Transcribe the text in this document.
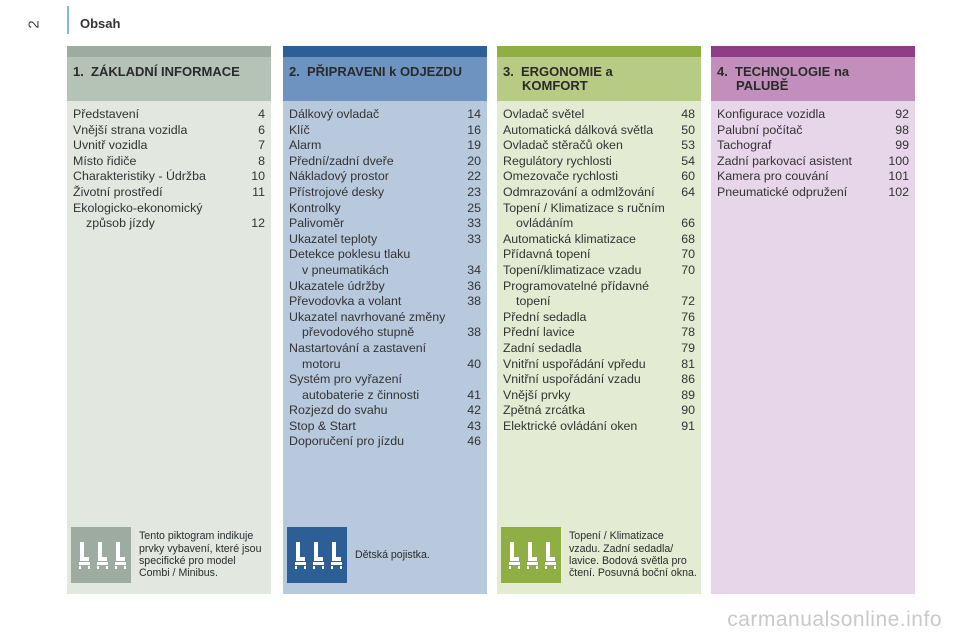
2	Obsah
1. ZÁKLADNÍ INFORMACE
Představení	4
Vnější strana vozidla	6
Uvnitř vozidla	7
Místo řidiče	8
Charakteristiky - Údržba	10
Životní prostředí	11
Ekologicko-ekonomický
způsob jízdy	12
Tento piktogram indikuje prvky vybavení, které jsou specifické pro model Combi / Minibus.
2. PŘIPRAVENI k ODJEZDU
Dálkový ovladač	14
Klíč	16
Alarm	19
Přední/zadní dveře	20
Nákladový prostor	22
Přístrojové desky	23
Kontrolky	25
Palivoměr	33
Ukazatel teploty	33
Detekce poklesu tlaku
v pneumatikách	34
Ukazatele údržby	36
Převodovka a volant	38
Ukazatel navrhované změny
převodového stupně	38
Nastartování a zastavení
motoru	40
Systém pro vyřazení
autobaterie z činnosti	41
Rozjezd do svahu	42
Stop & Start	43
Doporučení pro jízdu	46
Dětská pojistka.
3. ERGONOMIE a
KOMFORT
Ovladač světel	48
Automatická dálková světla	50
Ovladač stěračů oken	53
Regulátory rychlosti	54
Omezovače rychlosti	60
Odmrazování a odmlžování	64
Topení / Klimatizace s ručním
ovládáním	66
Automatická klimatizace	68
Přídavná topení	70
Topení/klimatizace vzadu	70
Programovatelné přídavné
topení	72
Přední sedadla	76
Přední lavice	78
Zadní sedadla	79
Vnitřní uspořádání vpředu	81
Vnitřní uspořádání vzadu	86
Vnější prvky	89
Zpětná zrcátka	90
Elektrické ovládání oken	91
Topení / Klimatizace vzadu. Zadní sedadla/ lavice. Bodová světla pro čtení. Posuvná boční okna.
4. TECHNOLOGIE na
PALUBĚ
Konfigurace vozidla	92
Palubní počítač	98
Tachograf	99
Zadní parkovací asistent	100
Kamera pro couvání	101
Pneumatické odpružení	102
carmanualsonline.info
